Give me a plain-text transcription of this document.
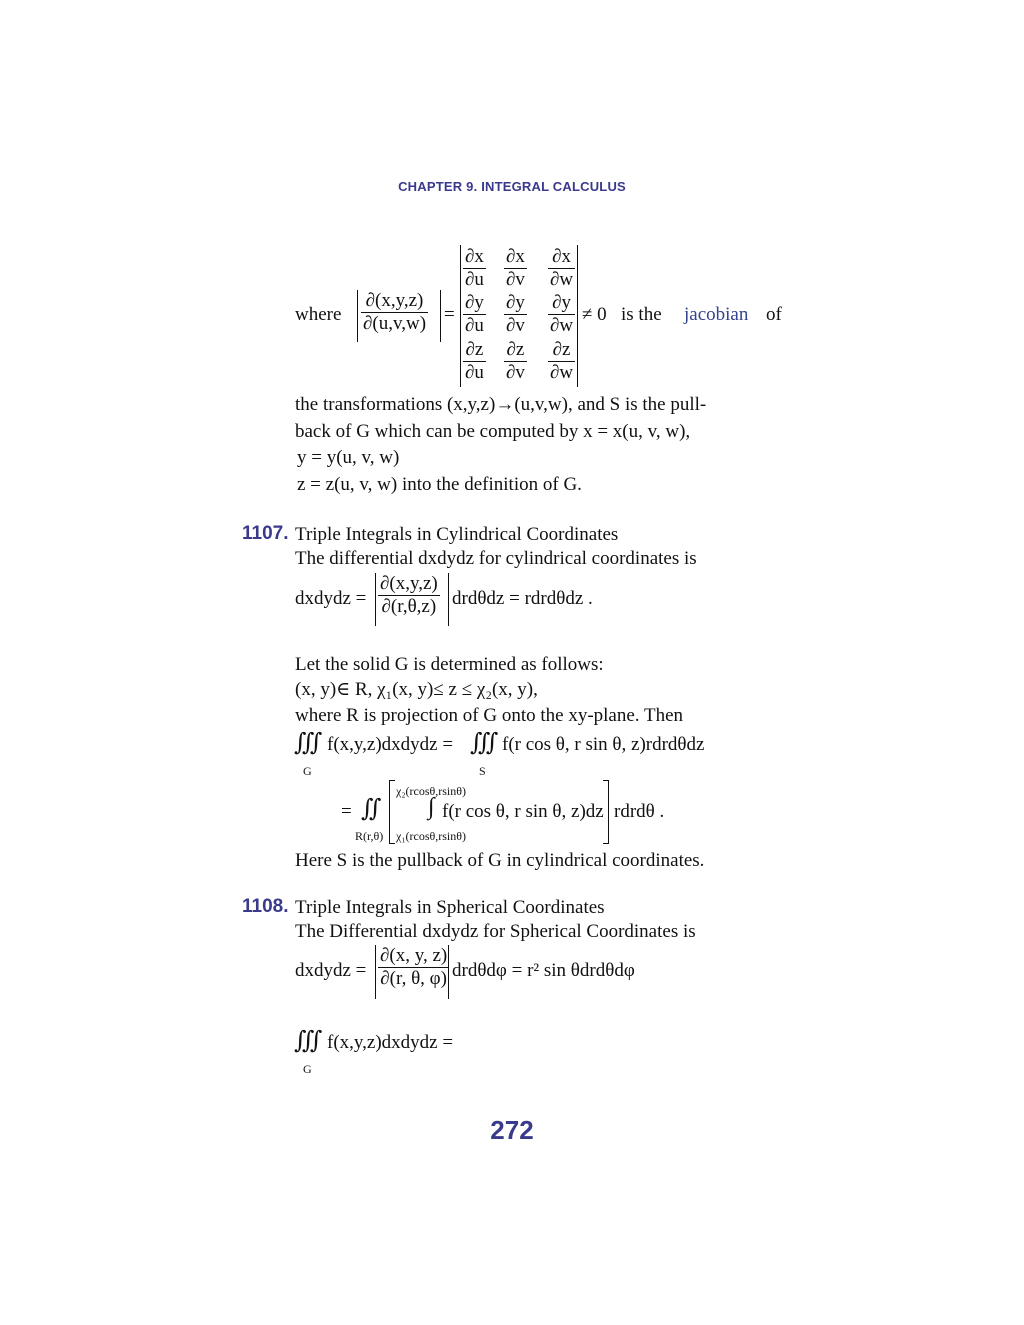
CHAPTER 9. INTEGRAL CALCULUS
where $\frac{\partial(x,y,z)}{\partial(u,v,w)}$ =
$\frac{\partial x}{\partial u} \frac{\partial x}{\partial v} \frac{\partial x}{\partial w}$
$\frac{\partial y}{\partial u} \frac{\partial y}{\partial v} \frac{\partial y}{\partial w}$
$\frac{\partial z}{\partial u} \frac{\partial z}{\partial v} \frac{\partial z}{\partial w}$
≠ 0 is the jacobian of
the transformations (x,y,z)→(u,v,w), and S is the pull-
back of G which can be computed by x = x(u, v, w),
y = y(u, v, w)
z = z(u, v, w) into the definition of G.
1107. Triple Integrals in Cylindrical Coordinates
The differential dxdydz for cylindrical coordinates is
dxdydz = $\frac{\partial(x,y,z)}{\partial(r,\theta,z)}$ drdθdz = rdrdθdz .
Let the solid G is determined as follows:
(x, y)∈ R, χ₁(x, y)≤ z ≤ χ₂(x, y),
where R is projection of G onto the xy-plane. Then
∭
G
f(x,y,z)dxdydz = ∭
S
f(r cos θ, r sin θ, z)rdrdθdz
= ∬
R(r,θ)
χ₂(rcosθ,rsinθ)
χ₁(rcosθ,rsinθ)
f(r cos θ, r sin θ, z)dz rdrdθ .
Here S is the pullback of G in cylindrical coordinates.
1108. Triple Integrals in Spherical Coordinates
The Differential dxdydz for Spherical Coordinates is
dxdydz = $\frac{\partial(x, y, z)}{\partial(r, \theta, \varphi)}$ drdθdφ = r² sin θdrdθdφ
∭
G
f(x,y,z)dxdydz =
272
